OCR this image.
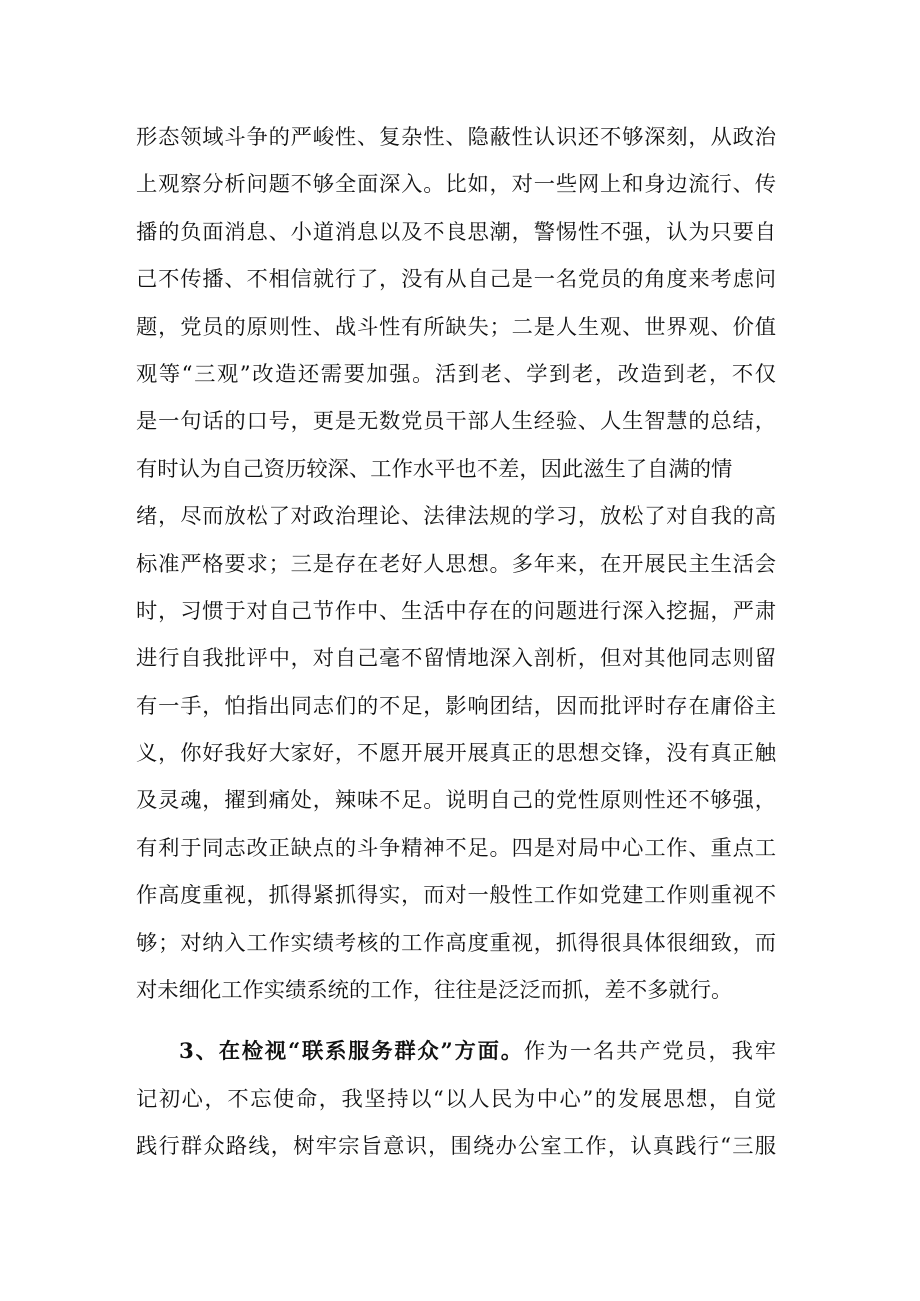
形态领域斗争的严峻性、复杂性、隐蔽性认识还不够深刻，从政治
上观察分析问题不够全面深入。比如，对一些网上和身边流行、传
播的负面消息、小道消息以及不良思潮，警惕性不强，认为只要自
己不传播、不相信就行了，没有从自己是一名党员的角度来考虑问
题，党员的原则性、战斗性有所缺失；二是人生观、世界观、价值
观等“三观”改造还需要加强。活到老、学到老，改造到老，不仅
是一句话的口号，更是无数党员干部人生经验、人生智慧的总结，
有时认为自己资历较深、工作水平也不差，因此滋生了自满的情
绪，尽而放松了对政治理论、法律法规的学习，放松了对自我的高
标准严格要求；三是存在老好人思想。多年来，在开展民主生活会
时，习惯于对自己节作中、生活中存在的问题进行深入挖掘，严肃
进行自我批评中，对自己毫不留情地深入剖析，但对其他同志则留
有一手，怕指出同志们的不足，影响团结，因而批评时存在庸俗主
义，你好我好大家好，不愿开展开展真正的思想交锋，没有真正触
及灵魂，擢到痛处，辣味不足。说明自己的党性原则性还不够强，
有利于同志改正缺点的斗争精神不足。四是对局中心工作、重点工
作高度重视，抓得紧抓得实，而对一般性工作如党建工作则重视不
够；对纳入工作实绩考核的工作高度重视，抓得很具体很细致，而
对未细化工作实绩系统的工作，往往是泛泛而抓，差不多就行。
3、在检视“联系服务群众”方面。作为一名共产党员，我牢
记初心，不忘使命，我坚持以“以人民为中心”的发展思想，自觉
践行群众路线，树牢宗旨意识，围绕办公室工作，认真践行“三服
